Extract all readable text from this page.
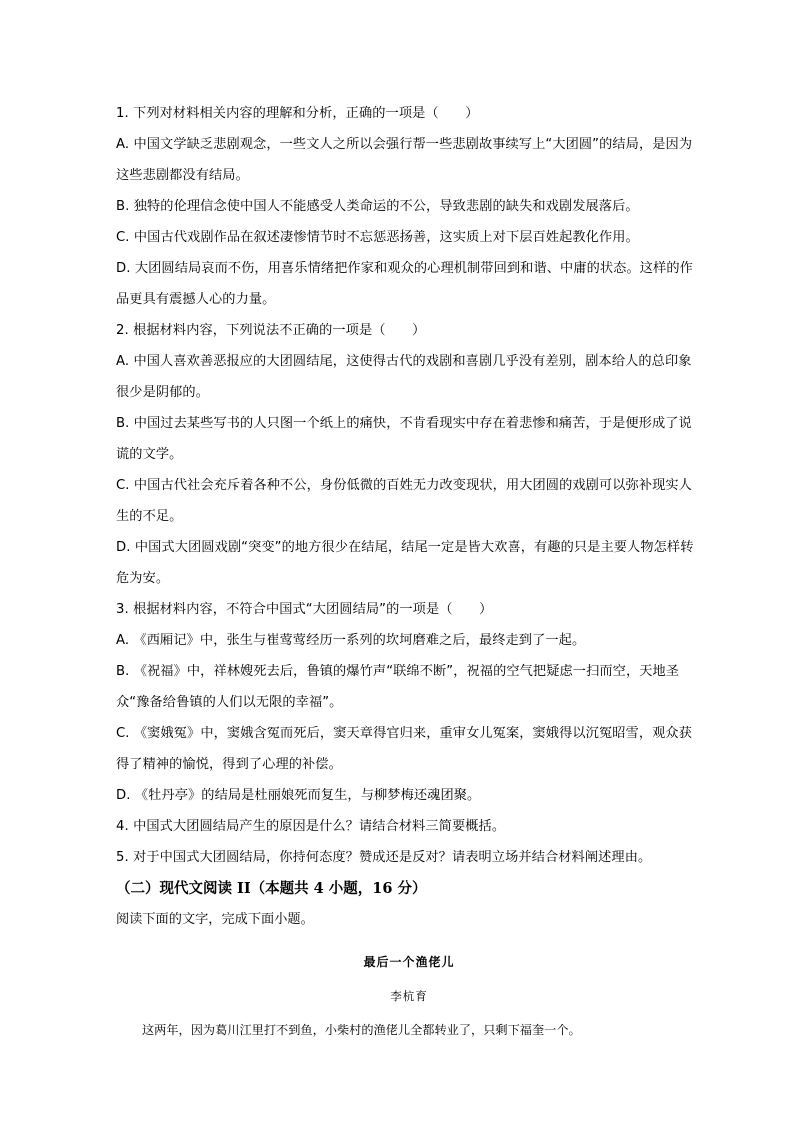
1. 下列对材料相关内容的理解和分析，正确的一项是（　　）

A. 中国文学缺乏悲剧观念，一些文人之所以会强行帮一些悲剧故事续写上“大团圆”的结局，是因为这些悲剧都没有结局。

B. 独特的伦理信念使中国人不能感受人类命运的不公，导致悲剧的缺失和戏剧发展落后。

C. 中国古代戏剧作品在叙述凄惨情节时不忘惩恶扬善，这实质上对下层百姓起教化作用。

D. 大团圆结局哀而不伤，用喜乐情绪把作家和观众的心理机制带回到和谐、中庸的状态。这样的作品更具有震撼人心的力量。

2. 根据材料内容，下列说法不正确的一项是（　　）

A. 中国人喜欢善恶报应的大团圆结尾，这使得古代的戏剧和喜剧几乎没有差别，剧本给人的总印象很少是阴郁的。

B. 中国过去某些写书的人只图一个纸上的痛快，不肯看现实中存在着悲惨和痛苦，于是便形成了说谎的文学。

C. 中国古代社会充斥着各种不公，身份低微的百姓无力改变现状，用大团圆的戏剧可以弥补现实人生的不足。

D. 中国式大团圆戏剧“突变”的地方很少在结尾，结尾一定是皆大欢喜，有趣的只是主要人物怎样转危为安。

3. 根据材料内容，不符合中国式“大团圆结局”的一项是（　　）

A. 《西厢记》中，张生与崔莺莺经历一系列的坎坷磨难之后，最终走到了一起。

B. 《祝福》中，祥林嫂死去后，鲁镇的爆竹声“联绵不断”，祝福的空气把疑虑一扫而空，天地圣众“豫备给鲁镇的人们以无限的幸福”。

C. 《窦娥冤》中，窦娥含冤而死后，窦天章得官归来，重审女儿冤案，窦娥得以沉冤昭雪，观众获得了精神的愉悦，得到了心理的补偿。

D. 《牡丹亭》的结局是杜丽娘死而复生，与柳梦梅还魂团聚。

4. 中国式大团圆结局产生的原因是什么？请结合材料三简要概括。

5. 对于中国式大团圆结局，你持何态度？赞成还是反对？请表明立场并结合材料阐述理由。

（二）现代文阅读 II（本题共 4 小题，16 分）

阅读下面的文字，完成下面小题。

最后一个渔佬儿

李杭育

这两年，因为葛川江里打不到鱼，小柴村的渔佬儿全都转业了，只剩下福奎一个。
